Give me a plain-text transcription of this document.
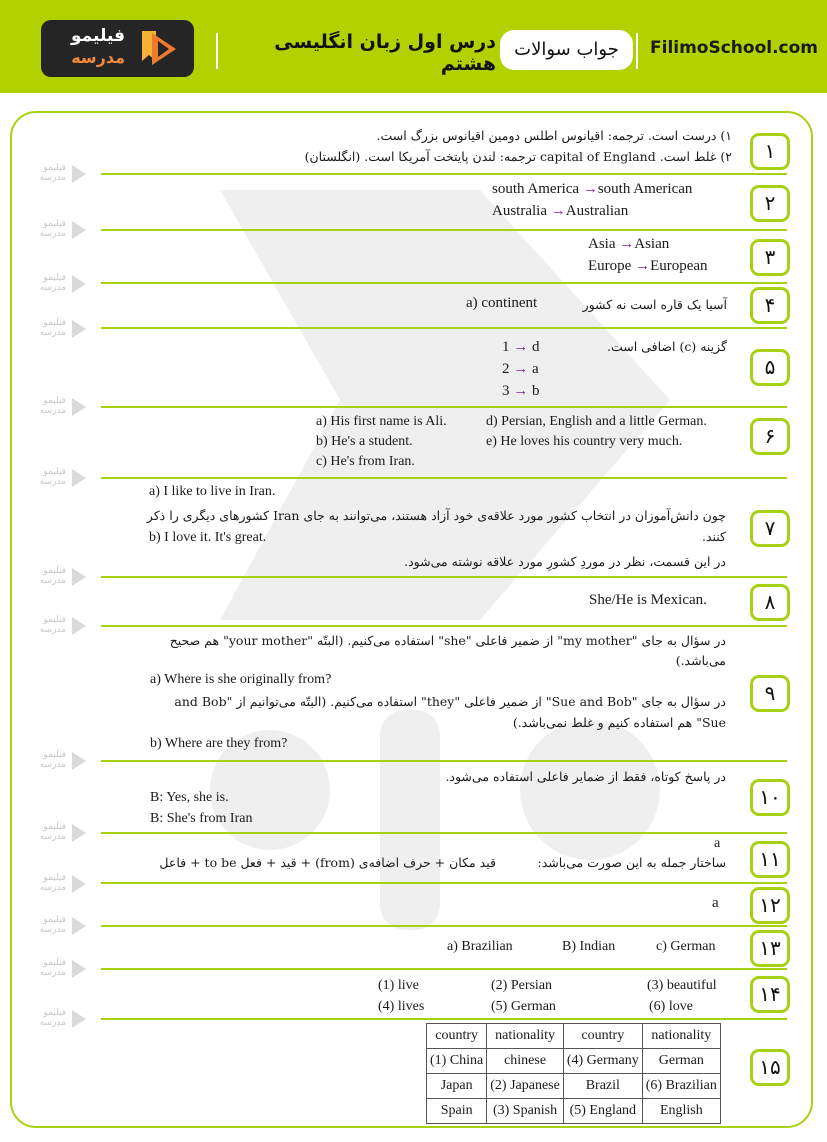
فیلیمو
مدرسه
درس اول زبان انگلیسی هشتم
جواب سوالات	FilimoSchool.com
فیلیمو
مدرسه
فیلیمو
مدرسه
فیلیمو
مدرسه
فیلیمو
مدرسه
فیلیمو
مدرسه
فیلیمو
مدرسه
فیلیمو
مدرسه
فیلیمو
مدرسه
فیلیمو
مدرسه
فیلیمو
مدرسه
فیلیمو
مدرسه
فیلیمو
مدرسه
فیلیمو
مدرسه
فیلیمو
مدرسه
۱
۱) درست است. ترجمه: اقیانوس اطلس دومین اقیانوس بزرگ است.
۲) غلط است. capital of England ترجمه: لندن پایتخت آمریکا است. (انگلستان)
۲
south America →south American
Australia →Australian
۳
Asia →Asian
Europe →European
۴
آسیا یک قاره است نه کشور
a) continent
۵
گزینه (c) اضافی است.
1 → d
2 → a
3 → b
۶
a) His first name is Ali.
b) He's a student.
c) He's from Iran.
d) Persian, English and a little German.
e) He loves his country very much.
۷
a) I like to live in Iran.
چون دانش‌آموزان در انتخاب کشور مورد علاقه‌ی خود آزاد هستند، می‌توانند به جای Iran کشورهای دیگری را ذکر
کنند.
b) I love it. It's great.
در این قسمت، نظر در موردِ کشورِ مورد علاقه نوشته می‌شود.
۸
She/He is Mexican.
۹
در سؤال به جای "my mother" از ضمیر فاعلی "she" استفاده می‌کنیم. (البتّه "your mother" هم صحیح
می‌باشد.)
a) Where is she originally from?
در سؤال به جای "Sue and Bob" از ضمیر فاعلی "they" استفاده می‌کنیم. (البتّه می‌توانیم از "and Bob
Sue" هم استفاده کنیم و غلط نمی‌باشد.)
b) Where are they from?
۱۰
در پاسخ کوتاه، فقط از ضمایر فاعلی استفاده می‌شود.
B: Yes, she is.
B: She's from Iran
۱۱
a
ساختار جمله به این صورت می‌باشد:
قید مکان + حرف اضافه‌ی (from) + قید + فعل to be + فاعل
۱۲
a
۱۳
a) Brazilian	B) Indian	c) German
۱۴
(1) live	(2) Persian	(3) beautiful
(4) lives	(5) German	(6) love
۱۵
country	nationality	country	nationality
(1) China	chinese	(4) Germany	German
Japan	(2) Japanese	Brazil	(6) Brazilian
Spain	(3) Spanish	(5) England	English
